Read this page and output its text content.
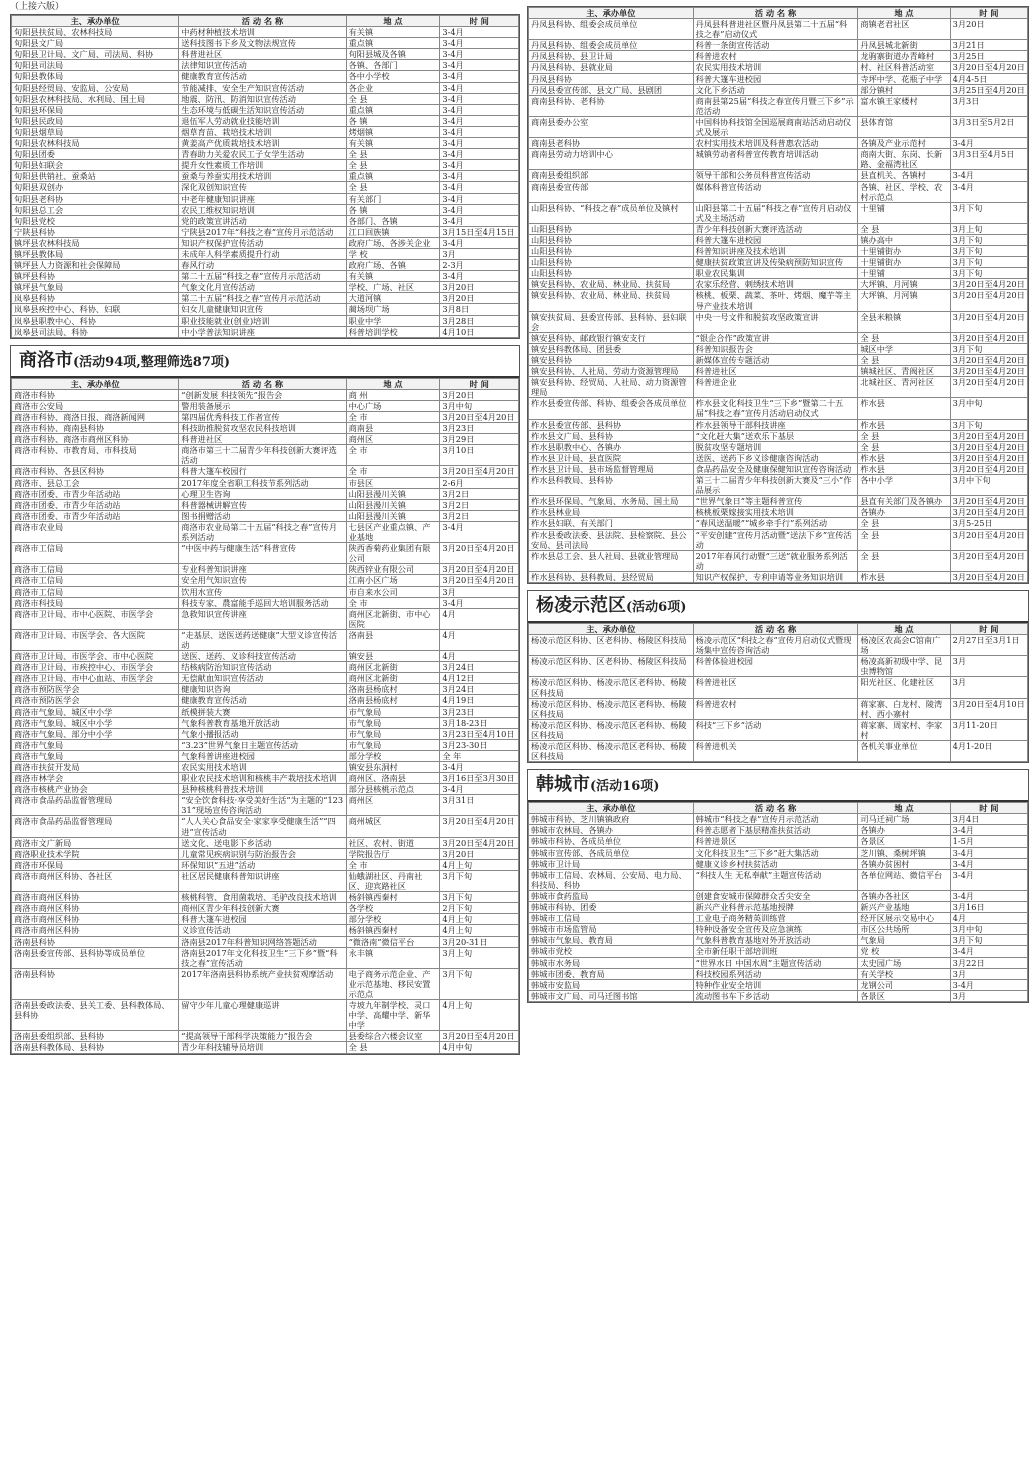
（上接六版）
主、承办单位	活 动 名 称	地 点	时 间
旬阳县扶贫局、农林科技局	中药材种植技术培训	有关镇	3-4月
旬阳县文广局	送科技图书下乡及文物法规宣传	重点镇	3-4月
旬阳县卫计局、文广局、司法局、科协	科普进社区	旬阳县城及各镇	3-4月
旬阳县司法局	法律知识宣传活动	各镇、各部门	3-4月
旬阳县教体局	健康教育宣传活动	各中小学校	3-4月
旬阳县经贸局、安监局、公安局	节能减排、安全生产知识宣传活动	各企业	3-4月
旬阳县农林科技局、水利局、国土局	地震、防汛、防消知识宣传活动	全 县	3-4月
旬阳县环保局	生态环境与低碳生活知识宣传活动	重点镇	3-4月
旬阳县民政局	退伍军人劳动就业技能培训	各 镇	3-4月
旬阳县烟草局	烟草育苗、栽培技术培训	烤烟镇	3-4月
旬阳县农林科技局	黄姜高产优质栽培技术培训	有关镇	3-4月
旬阳县团委	青春助力关爱农民工子女学生活动	全 县	3-4月
旬阳县妇联会	提升女性素质工作培训	全 县	3-4月
旬阳县供销社、蚕桑站	蚕桑与养蚕实用技术培训	重点镇	3-4月
旬阳县双创办	深化双创知识宣传	全 县	3-4月
旬阳县老科协	中老年健康知识讲座	有关部门	3-4月
旬阳县总工会	农民工维权知识培训	各 镇	3-4月
旬阳县党校	党的政策宣讲活动	各部门、各镇	3-4月
宁陕县科协	宁陕县2017年“科技之春”宣传月示范活动	江口回族镇	3月15日至4月15日
镇坪县农林科技局	知识产权保护宣传活动	政府广场、各涉关企业	3-4月
镇坪县教体局	未成年人科学素质提升行动	学 校	3月
镇坪县人力资源和社会保障局	春风行动	政府广场、各镇	2-3月
镇坪县科协	第二十五届“科技之春”宣传月示范活动	有关镇	3-4月
镇坪县气象局	气象文化月宣传活动	学校、广场、社区	3月20日
岚皋县科协	第二十五届“科技之春”宣传月示范活动	大道河镇	3月20日
岚皋县疾控中心、科协、妇联	妇女儿童健康知识宣传	蔺场坝广场	3月8日
岚皋县职教中心、科协	职业技能就业(创业)培训	职业中学	3月28日
岚皋县司法局、科协	中小学普法知识讲座	科普培训学校	4月10日
商洛市(活动94项,整理筛选87项)
主、承办单位	活 动 名 称	地 点	时 间
商洛市科协	“创新发展 科技领先”报告会	商 州	3月20日
商洛市公安局	警用装备展示	中心广场	3月中旬
商洛市科协、商洛日报、商洛新闻网	第四届优秀科技工作者宣传	全 市	3月20日至4月20日
商洛市科协、商南县科协	科技助推脱贫攻坚农民科技培训	商南县	3月23日
商洛市科协、商洛市商州区科协	科普进社区	商州区	3月29日
商洛市科协、市教育局、市科技局	商洛市第三十二届青少年科技创新大赛评选活动	全 市	3月10日
商洛市科协、各县区科协	科普大篷车校园行	全 市	3月20日至4月20日
商洛市、县总工会	2017年度全省职工科技节系列活动	市县区	2-6月
商洛市团委、市青少年活动站	心理卫生咨询	山阳县漫川关镇	3月2日
商洛市团委、市青少年活动站	科普器械讲解宣传	山阳县漫川关镇	3月2日
商洛市团委、市青少年活动站	图书捐赠活动	山阳县漫川关镇	3月2日
商洛市农业局	商洛市农业局第二十五届“科技之春”宣传月系列活动	七县区产业重点镇、产业基地	3-4月
商洛市工信局	“中医中药与健康生活”科普宣传	陕西香菊药业集团有限公司	3月20日至4月20日
商洛市工信局	专业科普知识讲座	陕西锌业有限公司	3月20日至4月20日
商洛市工信局	安全用气知识宣传	江南小区广场	3月20日至4月20日
商洛市工信局	饮用水宣传	市自来水公司	3月
商洛市科技局	科技专家、農富能手巡回大培训服务活动	全 市	3-4月
商洛市卫计局、市中心医院、市医学会	急救知识宣传讲座	商州区北新街、市中心医院	4月
商洛市卫计局、市医学会、各大医院	“走基层、送医送药送健康”大型义诊宣传活动	洛南县	4月
商洛市卫计局、市医学会、市中心医院	送医、送药、义诊科技宣传活动	镇安县	4月
商洛市卫计局、市疾控中心、市医学会	结核病防治知识宣传活动	商州区北新街	3月24日
商洛市卫计局、市中心血站、市医学会	无偿献血知识宣传活动	商州区北新街	4月12日
商洛市预防医学会	健康知识咨询	洛南县杨底村	3月24日
商洛市预防医学会	健康教育宣传活动	洛南县杨底村	4月19日
商洛市气象局、城区中小学	纸模拼装大赛	市气象局	3月23日
商洛市气象局、城区中小学	气象科普教育基地开放活动	市气象局	3月18-23日
商洛市气象局、部分中小学	气象小播报活动	市气象局	3月23日至4月10日
商洛市气象局	“3.23”世界气象日主题宣传活动	市气象局	3月23-30日
商洛市气象局	气象科普讲座进校园	部分学校	全 年
商洛市扶贫开发局	农民实用技术培训	镇安县东洞村	3-4月
商洛市林学会	职业农民技术培训和核桃丰产栽培技术培训	商州区、洛南县	3月16日至3月30日
商洛市核桃产业协会	县种核桃科普技术培训	部分县核桃示范点	3-4月
商洛市食品药品监督管理局	“安全饮食科技·享受美好生活”为主题的“12331”现场宣传咨询活动	商州区	3月31日
商洛市食品药品监督管理局	“人人关心食品安全·家家享受健康生活”“四进”宣传活动	商州城区	3月20日至4月20日
商洛市文广新局	送文化、送电影下乡活动	社区、农村、街道	3月20日至4月20日
商洛职业技术学院	儿童常见疾病识别与防治报告会	学院报告厅	3月20日
商洛市环保局	环保知识“五进”活动	全 市	4月上旬
商洛市商州区科协、各社区	社区居民健康科普知识讲座	仙蛾湖社区、丹南社区、迎宾路社区	3月下旬
商洛市商州区科协	核桃科管、食用菌栽培、毛驴改良技术培训	杨斜镇西秦村	3月下旬
商洛市商州区科协	商州区青少年科技创新大赛	各学校	2月下旬
商洛市商州区科协	科普大篷车进校园	部分学校	4月上旬
商洛市商州区科协	义诊宣传活动	杨斜镇西秦村	4月上旬
洛南县科协	洛南县2017年科普知识网络答题活动	“微洛南”微信平台	3月20-31日
洛南县委宣传部、县科协等成员单位	洛南县2017年文化科技卫生“三下乡”暨“科技之春”宣传活动	永丰镇	3月上旬
洛南县科协	2017年洛南县科协系统产业扶贫观摩活动	电子商务示范企业、产业示范基地、移民安置示范点	3月下旬
洛南县委政法委、县关工委、县科教体局、县科协	留守少年儿童心理健康巡讲	寺坡九年制学校、灵口中学、高耀中学、新华中学	4月上旬
洛南县委组织部、县科协	“提高领导干部科学决策能力”报告会	县委综合六楼会议室	3月20日至4月20日
洛南县科教体局、县科协	青少年科技辅导员培训	全 县	4月中旬
主、承办单位	活 动 名 称	地 点	时 间
丹凤县科协、组委会成员单位	丹凤县科普进社区暨丹凤县第二十五届“科技之春”启动仪式	商镇老君社区	3月20日
丹凤县科协、组委会成员单位	科普一条街宣传活动	丹凤县城北新街	3月21日
丹凤县科协、县卫计局	科普进农村	龙驹寨街道办青峰村	3月25日
丹凤县科协、县就业局	农民实用技术培训	村、社区科普活动室	3月20日至4月20日
丹凤县科协	科普大篷车进校园	寺坪中学、花瓶子中学	4月4-5日
丹凤县委宣传部、县文广局、县剧团	文化下乡活动	部分镇村	3月25日至4月20日
商南县科协、老科协	商南县第25届“科技之春宣传月暨三下乡”示范活动	富水镇王家楼村	3月3日
商南县委办公室	中国科协科技馆全国巡展商南站活动启动仪式及展示	县体育馆	3月3日至5月2日
商南县老科协	农村实用技术培训及科普惠农活动	各镇及产业示范村	3-4月
商南县劳动力培训中心	城镇劳动者科普宣传教育培训活动	商南大街、东岗、长新路、金福湾社区	3月3日至4月5日
商南县委组织部	领导干部和公务员科普宣传活动	县直机关、各镇村	3-4月
商南县委宣传部	媒体科普宣传活动	各镇、社区、学校、农村示范点	3-4月
山阳县科协、“科技之春”成员单位及镇村	山阳县第二十五届“科技之春”宣传月启动仪式及主场活动	十里铺	3月下旬
山阳县科协	青少年科技创新大赛评选活动	全 县	3月上旬
山阳县科协	科普大篷车进校园	镇办高中	3月下旬
山阳县科协	科普知识讲座及技术培训	十里铺街办	3月下旬
山阳县科协	健康扶贫政策宣讲及传染病预防知识宣传	十里铺街办	3月下旬
山阳县科协	职业农民集训	十里铺	3月下旬
镇安县科协、农业局、林业局、扶贫局	农家乐经营、刺绣技术培训	大坪镇、月河镇	3月20日至4月20日
镇安县科协、农业局、林业局、扶贫局	核桃、板栗、蔬菜、茶叶、烤烟、魔芋等主导产业技术培训	大坪镇、月河镇	3月20日至4月20日
镇安扶贫局、县委宣传部、县科协、县妇联会	中央一号文件和脱贫攻坚政策宣讲	全县米粮镇	3月20日至4月20日
镇安县科协、邮政银行镇安支行	“银企合作”政策宣讲	全 县	3月20日至4月20日
镇安县科教体局、团县委	科普知识报告会	城区中学	3月下旬
镇安县科协	新媒体宣传专题活动	全 县	3月20日至4月20日
镇安县科协、人社局、劳动力资源管理局	科普进社区	镇城社区、青阀社区	3月20日至4月20日
镇安县科协、经贸局、人社局、动力资源管理局	科普进企业	北城社区、青河社区	3月20日至4月20日
柞水县委宣传部、科协、组委会各成员单位	柞水县文化科技卫生“三下乡”暨第二十五届“科技之春”宣传月活动启动仪式	柞水县	3月中旬
柞水县委宣传部、县科协	柞水县领导干部科技讲座	柞水县	3月下旬
柞水县文广局、县科协	“文化赶大集”送欢乐下基层	全 县	3月20日至4月20日
柞水县职教中心、各镇办	脱贫攻坚专题培训	全 县	3月20日至4月20日
柞水县卫计局、县直医院	送医、送药下乡义诊健康咨询活动	柞水县	3月20日至4月20日
柞水县卫计局、县市场监督管理局	食品药品安全及健康保健知识宣传咨询活动	柞水县	3月20日至4月20日
柞水县科教局、县科协	第三十二届青少年科技创新大赛及“三小”作品展示	各中小学	3月中下旬
柞水县环保局、气象局、水务局、国土局	“世界气象日”等主题科普宣传	县直有关部门及各镇办	3月20日至4月20日
柞水县林业局	核桃板栗嫁接实用技术培训	各镇办	3月20日至4月20日
柞水县妇联、有关部门	“春风送温暖”“城乡牵手行”系列活动	全 县	3月5-25日
柞水县委政法委、县法院、县检察院、县公安局、县司法局	“平安创建”宣传月活动暨“送法下乡”宣传活动	全 县	3月20日至4月20日
柞水县总工会、县人社局、县就业管理局	2017年春风行动暨“三送”就业服务系列活动	全 县	3月20日至4月20日
柞水县科协、县科教局、县经贸局	知识产权保护、专利申请等业务知识培训	柞水县	3月20日至4月20日
杨凌示范区(活动6项)
主、承办单位	活 动 名 称	地 点	时 间
杨凌示范区科协、区老科协、杨陵区科技局	杨凌示范区“科技之春”宣传月启动仪式暨现场集中宣传咨询活动	杨凌区农高会C馆南广场	2月27日至3月1日
杨凌示范区科协、区老科协、杨陵区科技局	科普体验进校园	杨凌高新初级中学、昆虫博物馆	3月
杨凌示范区科协、杨凌示范区老科协、杨陵区科技局	科普进社区	阳光社区、化建社区	3月
杨凌示范区科协、杨凌示范区老科协、杨陵区科技局	科普进农村	蒋家寨、白龙村、陵湾村、西小寨村	3月20日至4月10日
杨凌示范区科协、杨凌示范区老科协、杨陵区科技局	科技“三下乡”活动	蒋家寨、周家村、李家村	3月11-20日
杨凌示范区科协、杨凌示范区老科协、杨陵区科技局	科普进机关	各机关事业单位	4月1-20日
韩城市(活动16项)
主、承办单位	活 动 名 称	地 点	时 间
韩城市科协、芝川镇镇政府	韩城市“科技之春”宣传月示范活动	司马迁祠广场	3月4日
韩城市农林局、各镇办	科普志愿者下基层精准扶贫活动	各镇办	3-4月
韩城市科协、各成员单位	科普进景区	各景区	1-5月
韩城市宣传部、各成员单位	文化科技卫生“三下乡”赶大集活动	芝川镇、桑树坪镇	3-4月
韩城市卫计局	健康义诊乡村扶贫活动	各镇办贫困村	3-4月
韩城市工信局、农林局、公安局、电力局、科技局、科协	“科技人生 无私奉献”主题宣传活动	各单位网站、微信平台	3-4月
韩城市食药监局	创建食安城市保障群众舌尖安全	各镇办各社区	3-4月
韩城市科协、团委	新兴产业科普示范基地授牌	新兴产业基地	3月16日
韩城市工信局	工业电子商务精英训练营	经开区展示交易中心	4月
韩城市市场监管局	特种设备安全宣传及应急演练	市区公共场所	3月中旬
韩城市气象局、教育局	气象科普教育基地对外开放活动	气象局	3月下旬
韩城市党校	全市新任职干部培训班	党 校	3-4月
韩城市水务局	“世界水日 中国水周”主题宣传活动	太史园广场	3月22日
韩城市团委、教育局	科技校园系列活动	有关学校	3月
韩城市安监局	特种作业安全培训	龙钢公司	3-4月
韩城市文广局、司马迁图书馆	流动图书车下乡活动	各景区	3月
